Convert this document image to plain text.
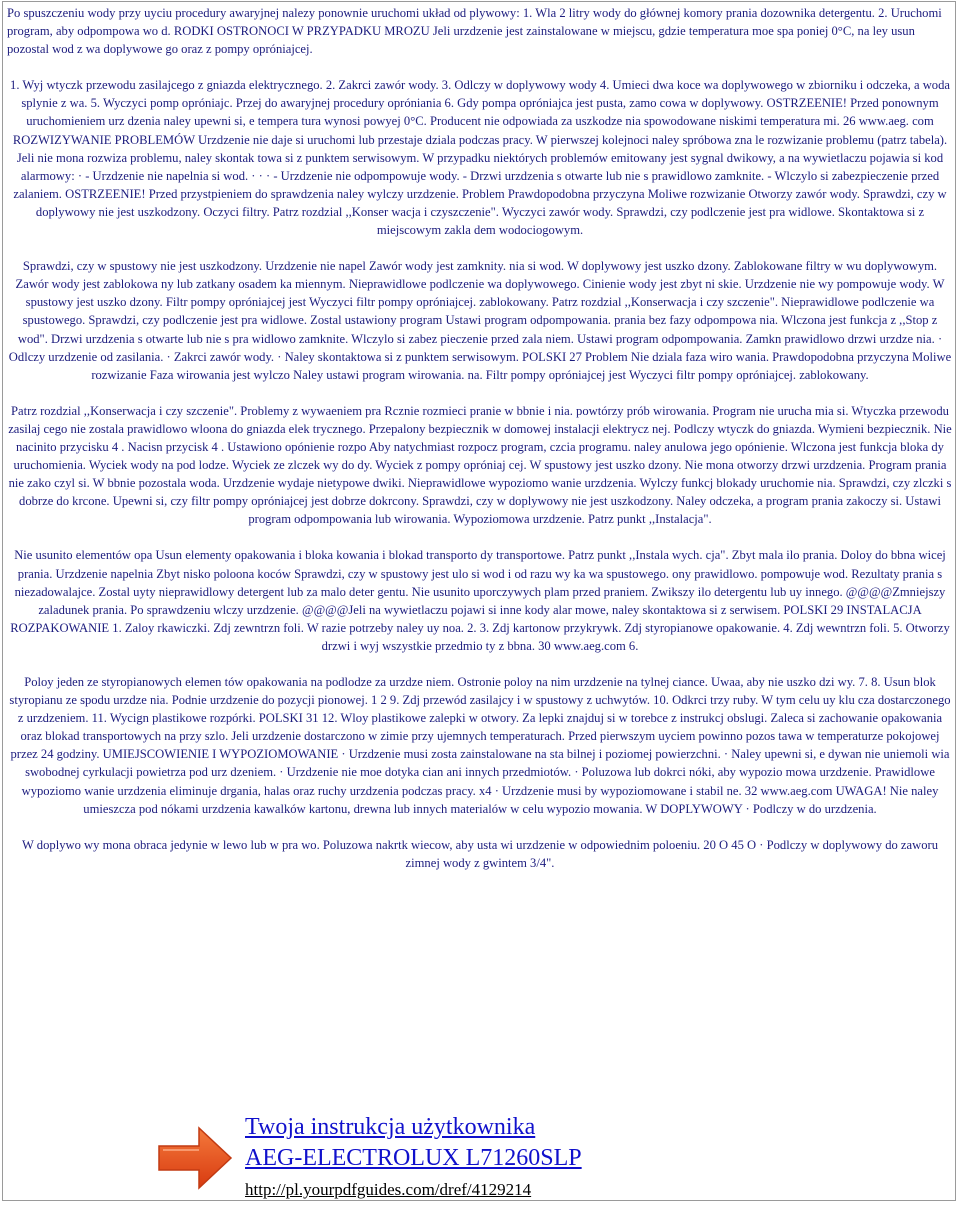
Po spuszczeniu wody przy uyciu procedury awaryjnej nalezy ponownie uruchomi układ od plywowy: 1. Wla 2 litry wody do głównej komory prania dozownika detergentu. 2. Uruchomi program, aby odpompowa wo d. RODKI OSTRONOCI W PRZYPADKU MROZU Jeli urzdzenie jest zainstalowane w miejscu, gdzie temperatura moe spa poniej 0°C, na ley usun pozostal wod z wa doplywowe go oraz z pompy opróniajcej.

1. Wyj wtyczk przewodu zasilajcego z gniazda elektrycznego. 2. Zakrci zawór wody. 3. Odlczy w doplywowy wody 4. Umieci dwa koce wa doplywowego w zbiorniku i odczeka, a woda splynie z wa. 5. Wyczyci pomp opróniajc. Przej do awaryjnej procedury opróniania 6. Gdy pompa opróniajca jest pusta, zamo cowa w doplywowy. OSTRZEENIE! Przed ponownym uruchomieniem urz dzenia naley upewni si, e tempera tura wynosi powyej 0°C. Producent nie odpowiada za uszkodze nia spowodowane niskimi temperatura mi. 26 www.aeg. com ROZWIZYWANIE PROBLEMÓW Urzdzenie nie daje si uruchomi lub przestaje dziala podczas pracy. W pierwszej kolejnoci naley spróbowa zna le rozwizanie problemu (patrz tabela). Jeli nie mona rozwiza problemu, naley skontak towa si z punktem serwisowym. W przypadku niektórych problemów emitowany jest sygnal dwikowy, a na wywietlaczu pojawia si kod alarmowy: · - Urzdzenie nie napelnia si wod. · · · - Urzdzenie nie odpompowuje wody. - Drzwi urzdzenia s otwarte lub nie s prawidlowo zamknite. - Wlczylo si zabezpieczenie przed zalaniem. OSTRZEENIE! Przed przystpieniem do sprawdzenia naley wylczy urzdzenie. Problem Prawdopodobna przyczyna Moliwe rozwizanie Otworzy zawór wody. Sprawdzi, czy w doplywowy nie jest uszkodzony. Oczyci filtry. Patrz rozdzial ,,Konser wacja i czyszczenie". Wyczyci zawór wody. Sprawdzi, czy podlczenie jest pra widlowe. Skontaktowa si z miejscowym zakla dem wodociogowym.

Sprawdzi, czy w spustowy nie jest uszkodzony. Urzdzenie nie napel Zawór wody jest zamknity. nia si wod. W doplywowy jest uszko dzony. Zablokowane filtry w wu doplywowym. Zawór wody jest zablokowa ny lub zatkany osadem ka miennym. Nieprawidlowe podlczenie wa doplywowego. Cinienie wody jest zbyt ni skie. Urzdzenie nie wy pompowuje wody. W spustowy jest uszko dzony. Filtr pompy opróniajcej jest Wyczyci filtr pompy opróniajcej. zablokowany. Patrz rozdzial ,,Konserwacja i czy szczenie". Nieprawidlowe podlczenie wa spustowego. Sprawdzi, czy podlczenie jest pra widlowe. Zostal ustawiony program Ustawi program odpompowania. prania bez fazy odpompowa nia. Wlczona jest funkcja z ,,Stop z wod". Drzwi urzdzenia s otwarte lub nie s pra widlowo zamknite. Wlczylo si zabez pieczenie przed zala niem. Ustawi program odpompowania. Zamkn prawidlowo drzwi urzdze nia. · Odlczy urzdzenie od zasilania. · Zakrci zawór wody. · Naley skontaktowa si z punktem serwisowym. POLSKI 27 Problem Nie dziala faza wiro wania. Prawdopodobna przyczyna Moliwe rozwizanie Faza wirowania jest wylczo Naley ustawi program wirowania. na. Filtr pompy opróniajcej jest Wyczyci filtr pompy opróniajcej. zablokowany.

Patrz rozdzial ,,Konserwacja i czy szczenie". Problemy z wywaeniem pra Rcznie rozmieci pranie w bbnie i nia. powtórzy prób wirowania. Program nie urucha mia si. Wtyczka przewodu zasilaj cego nie zostala prawidlowo wloona do gniazda elek trycznego. Przepalony bezpiecznik w domowej instalacji elektrycz nej. Podlczy wtyczk do gniazda. Wymieni bezpiecznik. Nie nacinito przycisku 4 . Nacisn przycisk 4 . Ustawiono opónienie rozpo Aby natychmiast rozpocz program, czcia programu. naley anulowa jego opónienie. Wlczona jest funkcja bloka dy uruchomienia. Wyciek wody na pod lodze. Wyciek ze zlczek wy do dy. Wyciek z pompy opróniaj cej. W spustowy jest uszko dzony. Nie mona otworzy drzwi urzdzenia. Program prania nie zako czyl si. W bbnie pozostala woda. Urzdzenie wydaje nietypowe dwiki. Nieprawidlowe wypoziomo wanie urzdzenia. Wylczy funkcj blokady uruchomie nia. Sprawdzi, czy zlczki s dobrze do krcone. Upewni si, czy filtr pompy opróniajcej jest dobrze dokrcony. Sprawdzi, czy w doplywowy nie jest uszkodzony. Naley odczeka, a program prania zakoczy si. Ustawi program odpompowania lub wirowania. Wypoziomowa urzdzenie. Patrz punkt ,,Instalacja".

Nie usunito elementów opa Usun elementy opakowania i bloka kowania i blokad transporto dy transportowe. Patrz punkt ,,Instala wych. cja". Zbyt mala ilo prania. Doloy do bbna wicej prania. Urzdzenie napelnia Zbyt nisko poloona koców Sprawdzi, czy w spustowy jest ulo si wod i od razu wy ka wa spustowego. ony prawidlowo. pompowuje wod. Rezultaty prania s niezadowalajce. Zostal uyty nieprawidlowy detergent lub za malo deter gentu. Nie usunito uporczywych plam przed praniem. Zwikszy ilo detergentu lub uy innego. @@@@Zmniejszy zaladunek prania. Po sprawdzeniu wlczy urzdzenie. @@@@Jeli na wywietlaczu pojawi si inne kody alar mowe, naley skontaktowa si z serwisem. POLSKI 29 INSTALACJA ROZPAKOWANIE 1. Zaloy rkawiczki. Zdj zewntrzn foli. W razie potrzeby naley uy noa. 2. 3. Zdj kartonow przykrywk. Zdj styropianowe opakowanie. 4. Zdj wewntrzn foli. 5. Otworzy drzwi i wyj wszystkie przedmio ty z bbna. 30 www.aeg.com 6.

Poloy jeden ze styropianowych elemen tów opakowania na podlodze za urzdze niem. Ostronie poloy na nim urzdzenie na tylnej ciance. Uwaa, aby nie uszko dzi wy. 7. 8. Usun blok styropianu ze spodu urzdze nia. Podnie urzdzenie do pozycji pionowej. 1 2 9. Zdj przewód zasilajcy i w spustowy z uchwytów. 10. Odkrci trzy ruby. W tym celu uy klu cza dostarczonego z urzdzeniem. 11. Wycign plastikowe rozpórki. POLSKI 31 12. Wloy plastikowe zalepki w otwory. Za lepki znajduj si w torebce z instrukcj obslugi. Zaleca si zachowanie opakowania oraz blokad transportowych na przy szlo. Jeli urzdzenie dostarczono w zimie przy ujemnych temperaturach. Przed pierwszym uyciem powinno pozos tawa w temperaturze pokojowej przez 24 godziny. UMIEJSCOWIENIE I WYPOZIOMOWANIE · Urzdzenie musi zosta zainstalowane na sta bilnej i poziomej powierzchni. · Naley upewni si, e dywan nie uniemoli wia swobodnej cyrkulacji powietrza pod urz dzeniem. · Urzdzenie nie moe dotyka cian ani innych przedmiotów. · Poluzowa lub dokrci nóki, aby wypozio mowa urzdzenie. Prawidlowe wypoziomo wanie urzdzenia eliminuje drgania, halas oraz ruchy urzdzenia podczas pracy. x4 · Urzdzenie musi by wypoziomowane i stabil ne. 32 www.aeg.com UWAGA! Nie naley umieszcza pod nókami urzdzenia kawalków kartonu, drewna lub innych materialów w celu wypozio mowania. W DOPLYWOWY · Podlczy w do urzdzenia.

W doplywo wy mona obraca jedynie w lewo lub w pra wo. Poluzowa nakrtk wiecow, aby usta wi urzdzenie w odpowiednim poloeniu. 20 O 45 O · Podlczy w doplywowy do zaworu zimnej wody z gwintem 3/4".

Twoja instrukcja użytkownika
AEG-ELECTROLUX L71260SLP
http://pl.yourpdfguides.com/dref/4129214
